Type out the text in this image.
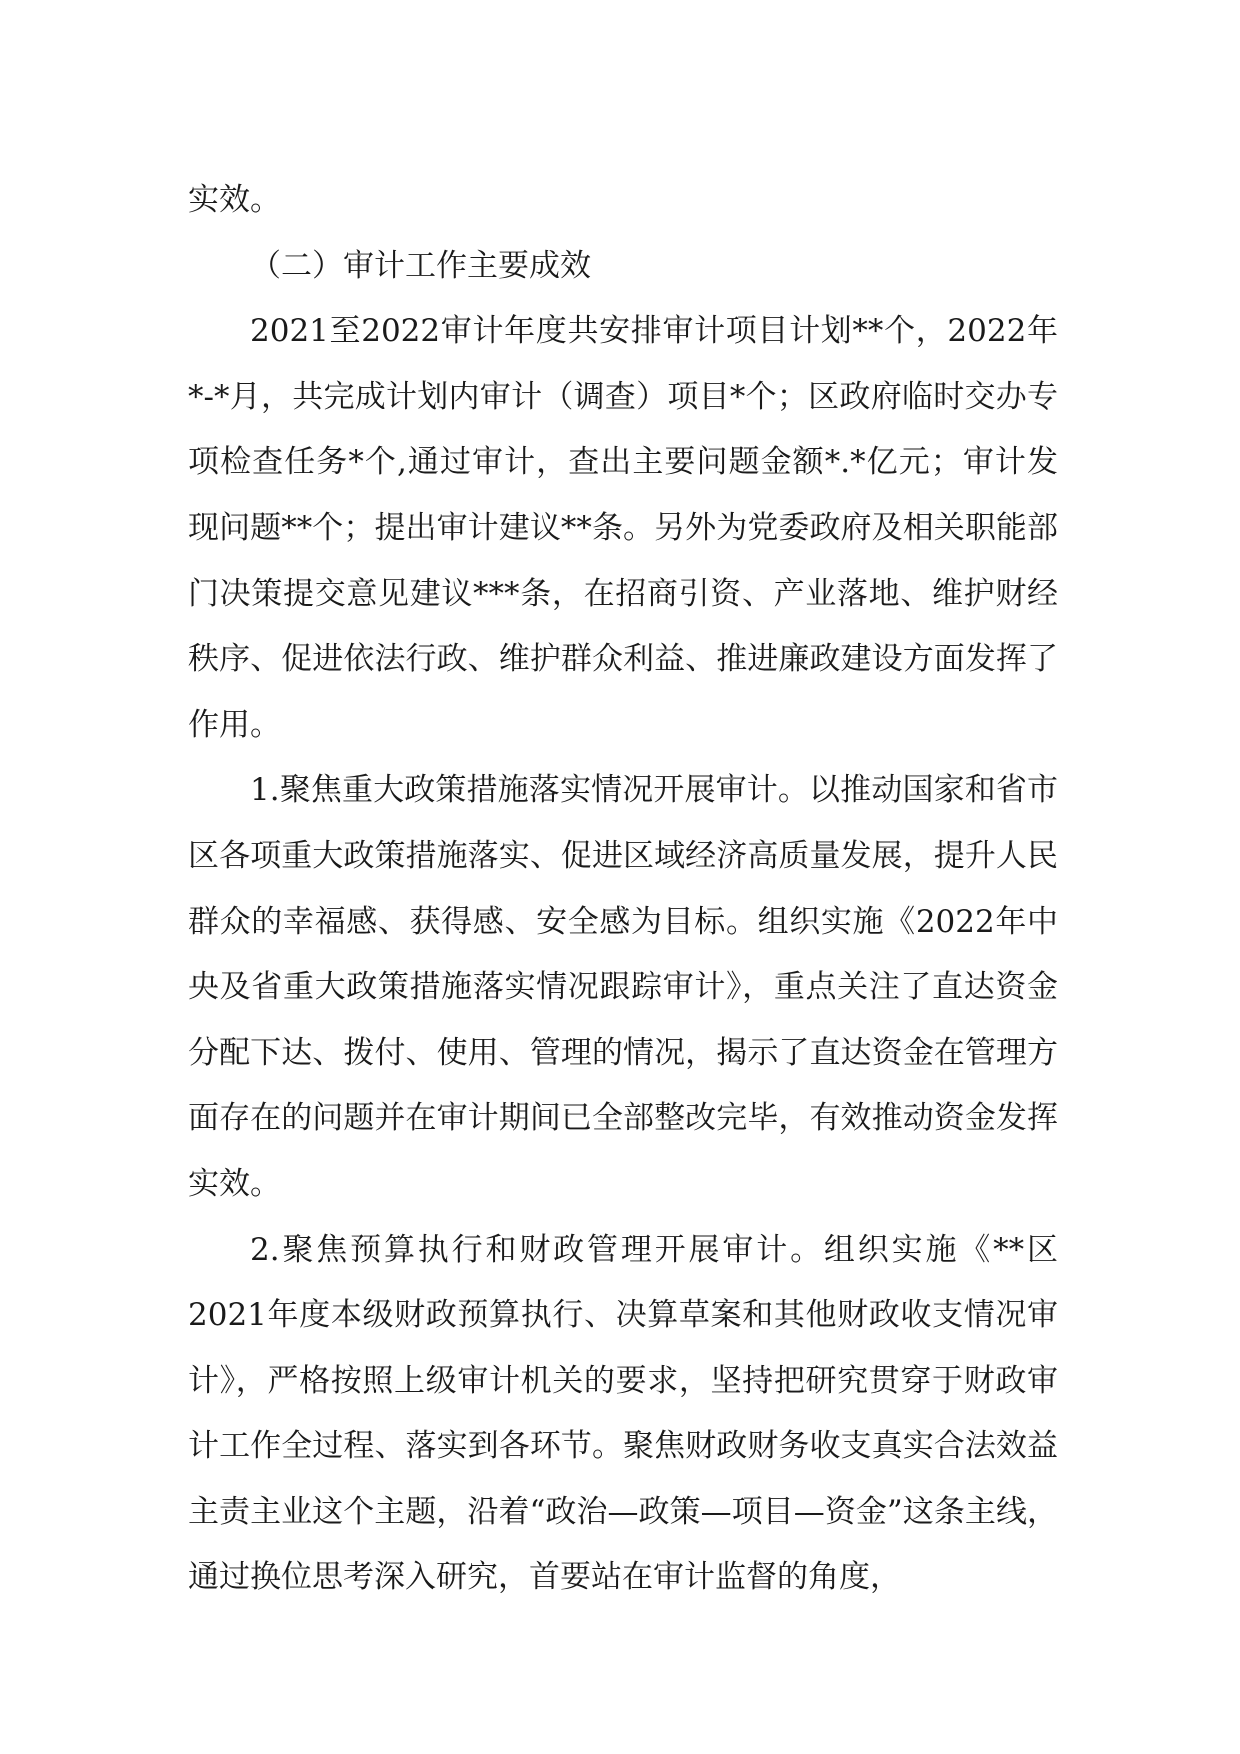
实效。

（二）审计工作主要成效

2021至2022审计年度共安排审计项目计划**个，2022年*-*月，共完成计划内审计（调查）项目*个；区政府临时交办专项检查任务*个,通过审计，查出主要问题金额*.*亿元；审计发现问题**个；提出审计建议**条。另外为党委政府及相关职能部门决策提交意见建议***条，在招商引资、产业落地、维护财经秩序、促进依法行政、维护群众利益、推进廉政建设方面发挥了作用。

1.聚焦重大政策措施落实情况开展审计。以推动国家和省市区各项重大政策措施落实、促进区域经济高质量发展，提升人民群众的幸福感、获得感、安全感为目标。组织实施《2022年中央及省重大政策措施落实情况跟踪审计》，重点关注了直达资金分配下达、拨付、使用、管理的情况，揭示了直达资金在管理方面存在的问题并在审计期间已全部整改完毕，有效推动资金发挥实效。

2.聚焦预算执行和财政管理开展审计。组织实施《**区2021年度本级财政预算执行、决算草案和其他财政收支情况审计》，严格按照上级审计机关的要求，坚持把研究贯穿于财政审计工作全过程、落实到各环节。聚焦财政财务收支真实合法效益主责主业这个主题，沿着“政治—政策—项目—资金”这条主线，通过换位思考深入研究，首要站在审计监督的角度，
